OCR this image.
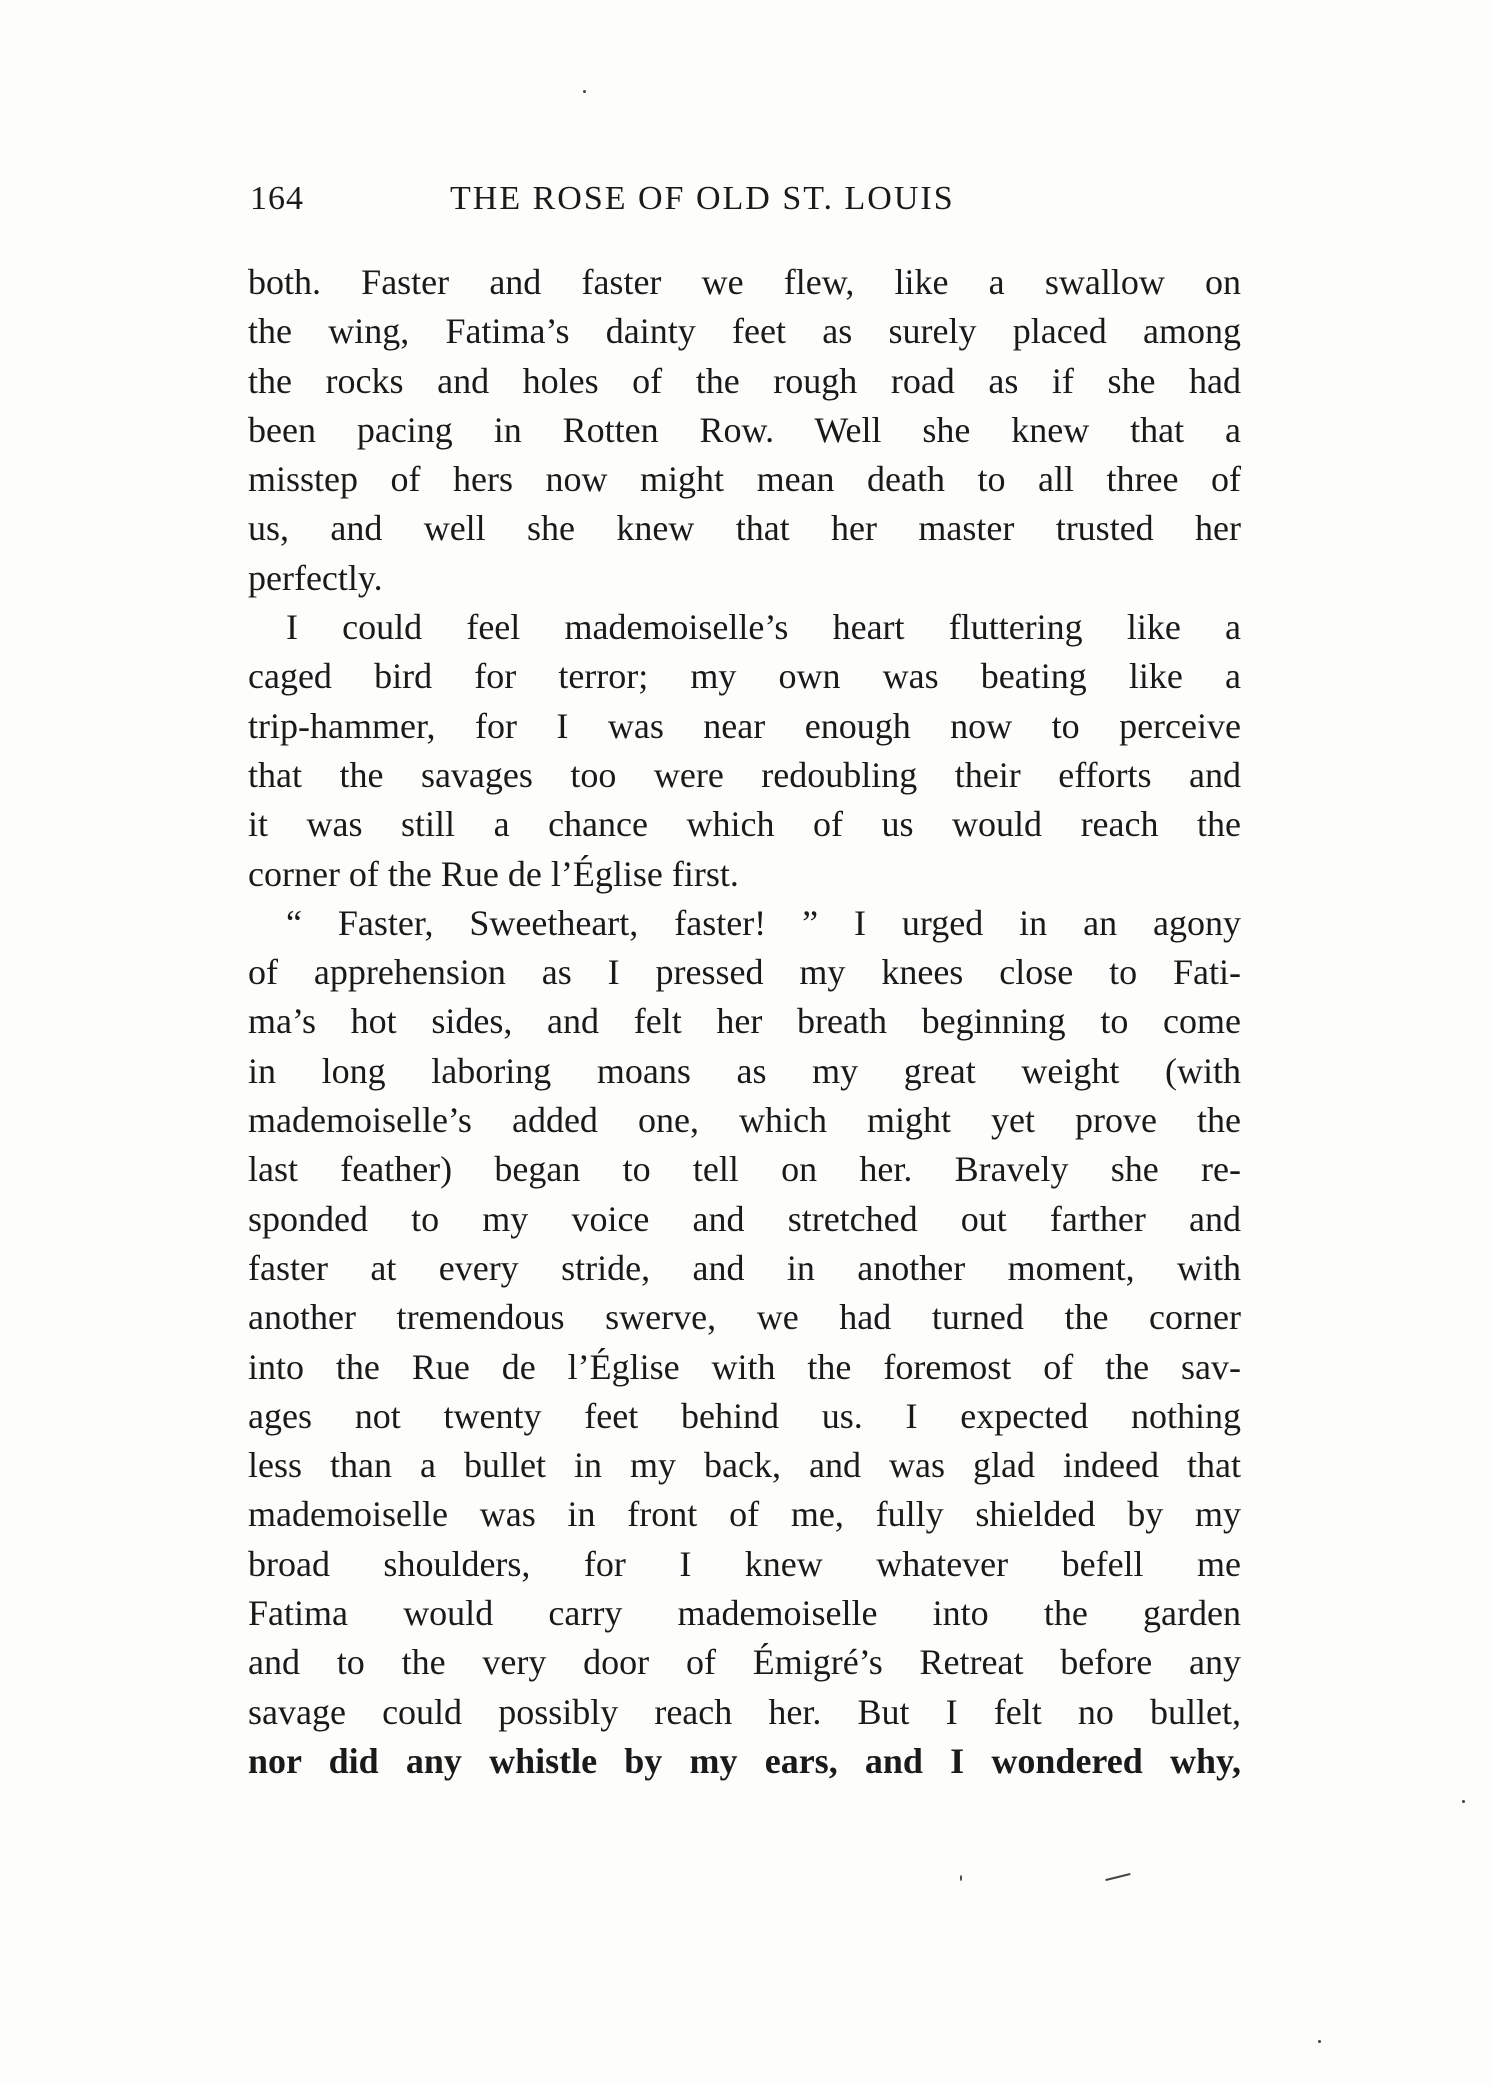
164	THE ROSE OF OLD ST. LOUIS
both. Faster and faster we flew, like a swallow on
the wing, Fatima’s dainty feet as surely placed among
the rocks and holes of the rough road as if she had
been pacing in Rotten Row. Well she knew that a
misstep of hers now might mean death to all three of
us, and well she knew that her master trusted her
perfectly.
I could feel mademoiselle’s heart fluttering like a
caged bird for terror; my own was beating like a
trip-hammer, for I was near enough now to perceive
that the savages too were redoubling their efforts and
it was still a chance which of us would reach the
corner of the Rue de l’Église first.
“ Faster, Sweetheart, faster! ” I urged in an agony
of apprehension as I pressed my knees close to Fati-
ma’s hot sides, and felt her breath beginning to come
in long laboring moans as my great weight (with
mademoiselle’s added one, which might yet prove the
last feather) began to tell on her. Bravely she re-
sponded to my voice and stretched out farther and
faster at every stride, and in another moment, with
another tremendous swerve, we had turned the corner
into the Rue de l’Église with the foremost of the sav-
ages not twenty feet behind us. I expected nothing
less than a bullet in my back, and was glad indeed that
mademoiselle was in front of me, fully shielded by my
broad shoulders, for I knew whatever befell me
Fatima would carry mademoiselle into the garden
and to the very door of Émigré’s Retreat before any
savage could possibly reach her. But I felt no bullet,
nor did any whistle by my ears, and I wondered why,
